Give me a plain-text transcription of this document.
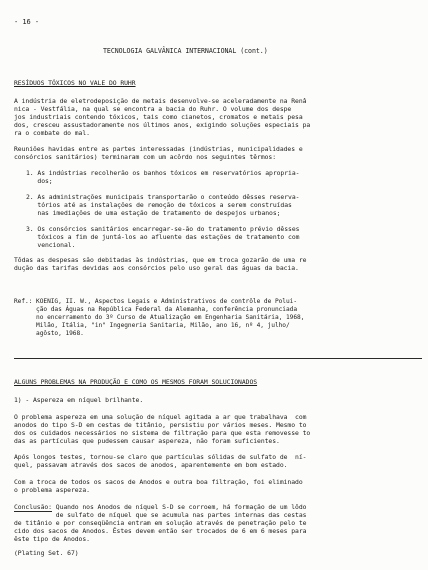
- 16 -
TECNOLOGIA GALVÂNICA INTERNACIONAL (cont.)
RESÍDUOS TÓXICOS NO VALE DO RUHR
A indústria de eletrodeposição de metais desenvolve-se aceleradamente na Renâ
nica - Vestfália, na qual se encontra a bacia do Ruhr. O volume dos despe
jos industriais contendo tóxicos, tais como cianetos, cromatos e metais pesa
dos, cresceu assustadoramente nos últimos anos, exigindo soluções especiais pa
ra o combate do mal.
Reuniões havidas entre as partes interessadas (indústrias, municipalidades e
consórcios sanitários) terminaram com um acôrdo nos seguintes têrmos:
1. As indústrias recolherão os banhos tóxicos em reservatórios apropria-
dos;
2. As administrações municipais transportarão o conteúdo dêsses reserva-
tórios até as instalações de remoção de tóxicos a serem construídas
nas imediações de uma estação de tratamento de despejos urbanos;
3. Os consórcios sanitários encarregar-se-ão do tratamento prévio dêsses
tóxicos a fim de juntá-los ao afluente das estações de tratamento com
vencional.
Tôdas as despesas são debitadas às indústrias, que em troca gozarão de uma re
dução das tarifas devidas aos consórcios pelo uso geral das águas da bacia.
Ref.: KOENIG, II. W., Aspectos Legais e Administrativos de contrôle de Polui-
ção das Águas na República Federal da Alemanha, conferência pronunciada
no encerramento do 3º Curso de Atualização em Engenharia Sanitária, 1968,
Milão, Itália, "in" Ingegneria Sanitaria, Milão, ano 16, nº 4, julho/
agôsto, 1968.
ALGUNS PROBLEMAS NA PRODUÇÃO E COMO OS MESMOS FORAM SOLUCIONADOS
1) - Aspereza em níquel brilhante.
O problema aspereza em uma solução de níquel agitada a ar que trabalhava  com
anodos do tipo S-D em cestas de titânio, persistiu por vários meses. Mesmo to
dos os cuidados necessários no sistema de filtração para que esta removesse to
das as partículas que pudessem causar aspereza, não foram suficientes.
Após longos testes, tornou-se claro que partículas sólidas de sulfato de  ní-
quel, passavam através dos sacos de anodos, aparentemente em bom estado.
Com a troca de todos os sacos de Anodos e outra boa filtração, foi eliminado
o problema aspereza.
Conclusão: Quando nos Anodos de níquel S-D se corroem, há formação de um lôdo
de sulfato de níquel que se acumula nas partes internas das cestas
de titânio e por conseqüência entram em solução através de penetração pelo te
cido dos sacos de Anodos. Êstes devem então ser trocados de 6 em 6 meses para
êste tipo de Anodos.
(Plating Set. 67)
